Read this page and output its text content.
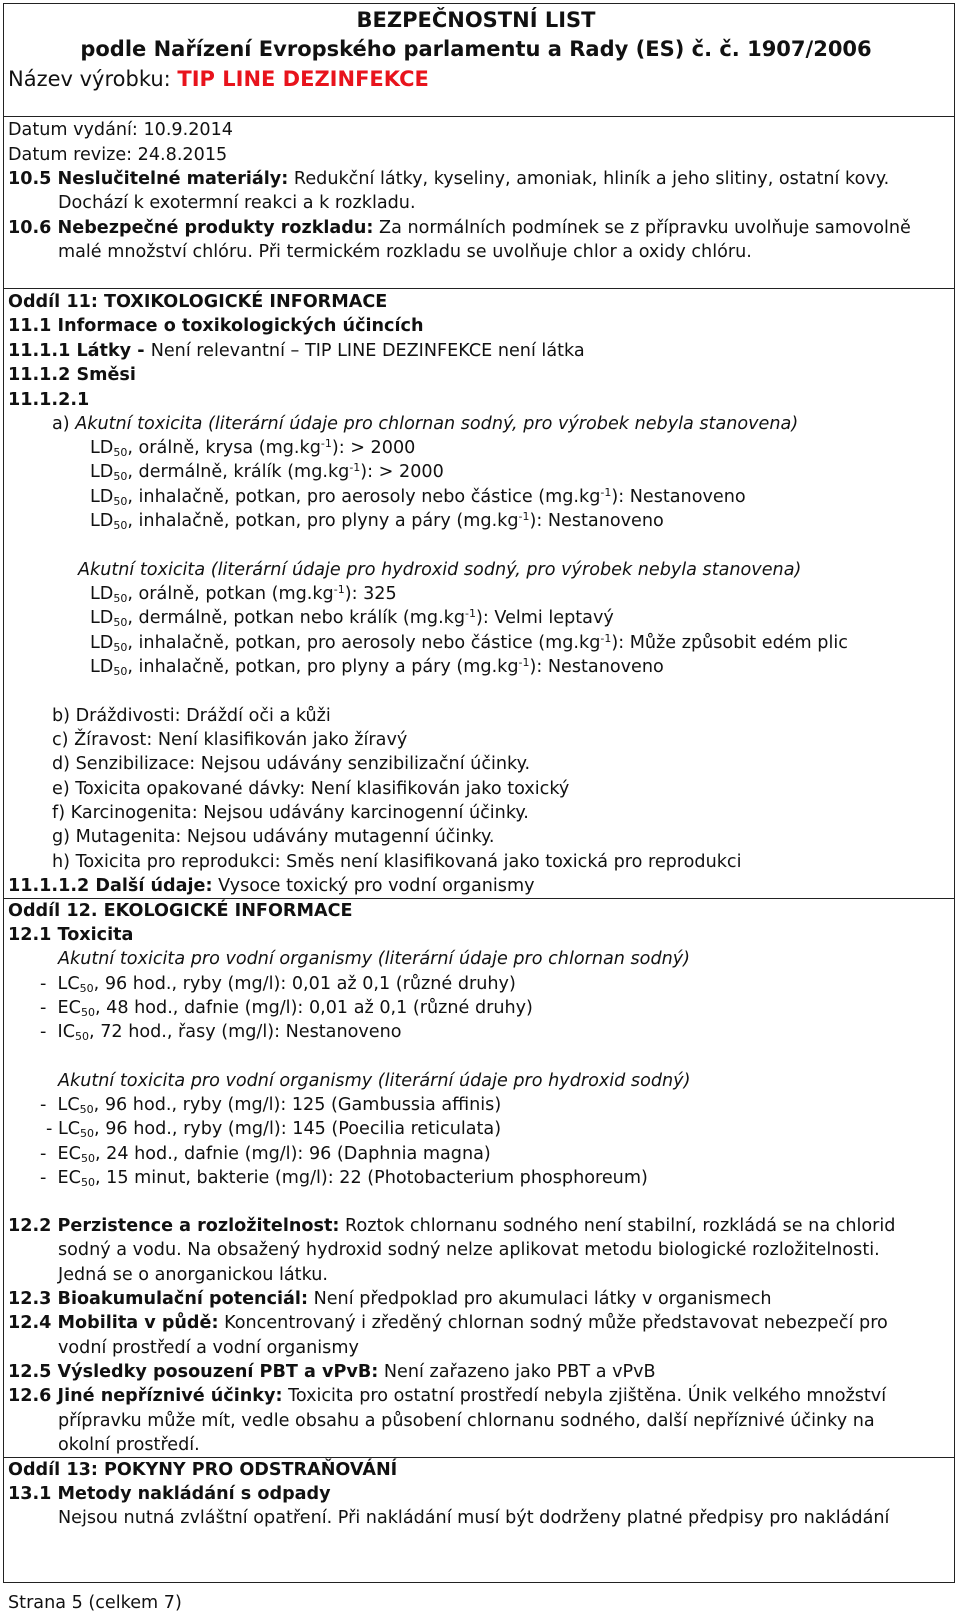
BEZPEČNOSTNÍ LIST
podle Nařízení Evropského parlamentu a Rady (ES) č. č. 1907/2006
Název výrobku: TIP LINE DEZINFEKCE
Datum vydání: 10.9.2014
Datum revize: 24.8.2015
10.5 Neslučitelné materiály: Redukční látky, kyseliny, amoniak, hliník a jeho slitiny, ostatní kovy.
Dochází k exotermní reakci a k rozkladu.
10.6 Nebezpečné produkty rozkladu: Za normálních podmínek se z přípravku uvolňuje samovolně
malé množství chlóru. Při termickém rozkladu se uvolňuje chlor a oxidy chlóru.
Oddíl 11: TOXIKOLOGICKÉ INFORMACE
11.1 Informace o toxikologických účincích
11.1.1 Látky - Není relevantní – TIP LINE DEZINFEKCE není látka
11.1.2 Směsi
11.1.2.1
a) Akutní toxicita (literární údaje pro chlornan sodný, pro výrobek nebyla stanovena)
$LD_{50}$, orálně, krysa $(mg.kg^{-1})$: > 2000
$LD_{50}$, dermálně, králík $(mg.kg^{-1})$: > 2000
$LD_{50}$, inhalačně, potkan, pro aerosoly nebo částice $(mg.kg^{-1})$: Nestanoveno
$LD_{50}$, inhalačně, potkan, pro plyny a páry $(mg.kg^{-1})$: Nestanoveno
Akutní toxicita (literární údaje pro hydroxid sodný, pro výrobek nebyla stanovena)
$LD_{50}$, orálně, potkan $(mg.kg^{-1})$: 325
$LD_{50}$, dermálně, potkan nebo králík $(mg.kg^{-1})$: Velmi leptavý
$LD_{50}$, inhalačně, potkan, pro aerosoly nebo částice $(mg.kg^{-1})$: Může způsobit edém plic
$LD_{50}$, inhalačně, potkan, pro plyny a páry $(mg.kg^{-1})$: Nestanoveno
b) Dráždivosti: Dráždí oči a kůži
c) Žíravost: Není klasifikován jako žíravý
d) Senzibilizace: Nejsou udávány senzibilizační účinky.
e) Toxicita opakované dávky: Není klasifikován jako toxický
f) Karcinogenita: Nejsou udávány karcinogenní účinky.
g) Mutagenita: Nejsou udávány mutagenní účinky.
h) Toxicita pro reprodukci: Směs není klasifikovaná jako toxická pro reprodukci
11.1.1.2 Další údaje: Vysoce toxický pro vodní organismy
Oddíl 12. EKOLOGICKÉ INFORMACE
12.1 Toxicita
Akutní toxicita pro vodní organismy (literární údaje pro chlornan sodný)
- $LC_{50}$, 96 hod., ryby (mg/l): 0,01 až 0,1 (různé druhy)
- $EC_{50}$, 48 hod., dafnie (mg/l): 0,01 až 0,1 (různé druhy)
- $IC_{50}$, 72 hod., řasy (mg/l): Nestanoveno
Akutní toxicita pro vodní organismy (literární údaje pro hydroxid sodný)
- $LC_{50}$, 96 hod., ryby (mg/l): 125 (Gambussia affinis)
- $LC_{50}$, 96 hod., ryby (mg/l): 145 (Poecilia reticulata)
- $EC_{50}$, 24 hod., dafnie (mg/l): 96 (Daphnia magna)
- $EC_{50}$, 15 minut, bakterie (mg/l): 22 (Photobacterium phosphoreum)
12.2 Perzistence a rozložitelnost: Roztok chlornanu sodného není stabilní, rozkládá se na chlorid
sodný a vodu. Na obsažený hydroxid sodný nelze aplikovat metodu biologické rozložitelnosti.
Jedná se o anorganickou látku.
12.3 Bioakumulační potenciál: Není předpoklad pro akumulaci látky v organismech
12.4 Mobilita v půdě: Koncentrovaný i zředěný chlornan sodný může představovat nebezpečí pro
vodní prostředí a vodní organismy
12.5 Výsledky posouzení PBT a vPvB: Není zařazeno jako PBT a vPvB
12.6 Jiné nepříznivé účinky: Toxicita pro ostatní prostředí nebyla zjištěna. Únik velkého množství
přípravku může mít, vedle obsahu a působení chlornanu sodného, další nepříznivé účinky na
okolní prostředí.
Oddíl 13: POKYNY PRO ODSTRAŇOVÁNÍ
13.1 Metody nakládání s odpady
Nejsou nutná zvláštní opatření. Při nakládání musí být dodrženy platné předpisy pro nakládání
Strana 5 (celkem 7)
